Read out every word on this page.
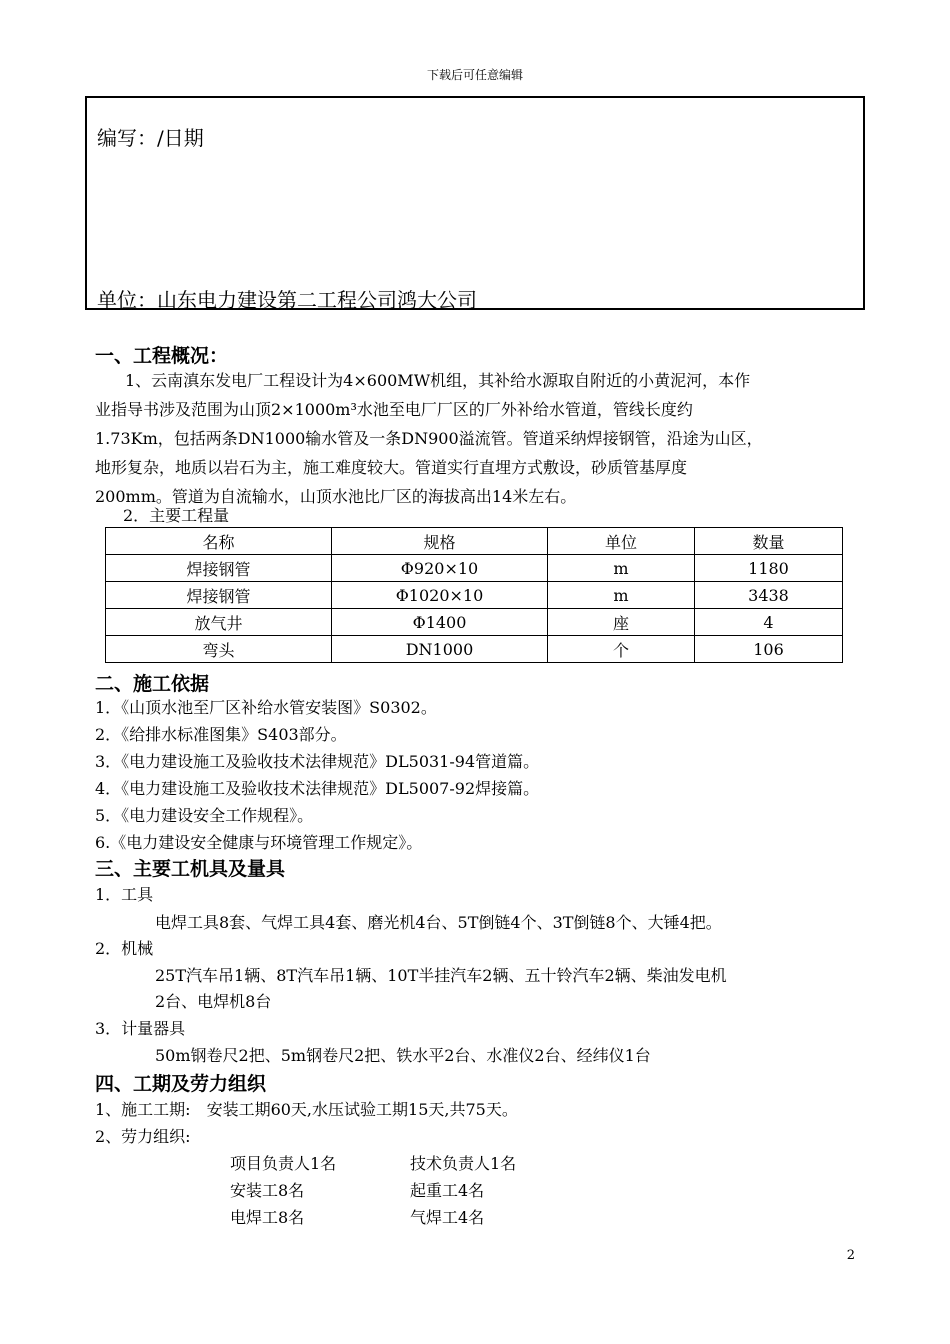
下载后可任意编辑
编写：/日期
单位：山东电力建设第二工程公司鸿大公司
一、工程概况：
1、云南滇东发电厂工程设计为4×600MW机组，其补给水源取自附近的小黄泥河，本作
业指导书涉及范围为山顶2×1000m³水池至电厂厂区的厂外补给水管道，管线长度约
1.73Km，包括两条DN1000输水管及一条DN900溢流管。管道采纳焊接钢管，沿途为山区，
地形复杂，地质以岩石为主，施工难度较大。管道实行直埋方式敷设，砂质管基厚度
200mm。管道为自流输水，山顶水池比厂区的海拔高出14米左右。
2．主要工程量
名称	规格	单位	数量
焊接钢管	Φ920×10	m	1180
焊接钢管	Φ1020×10	m	3438
放气井	Φ1400	座	4
弯头	DN1000	个	106
二、施工依据
1．《山顶水池至厂区补给水管安装图》S0302。
2．《给排水标准图集》S403部分。
3．《电力建设施工及验收技术法律规范》DL5031-94管道篇。
4．《电力建设施工及验收技术法律规范》DL5007-92焊接篇。
5．《电力建设安全工作规程》。
6.《电力建设安全健康与环境管理工作规定》。
三、主要工机具及量具
1．工具
电焊工具8套、气焊工具4套、磨光机4台、5T倒链4个、3T倒链8个、大锤4把。
2．机械
25T汽车吊1辆、8T汽车吊1辆、10T半挂汽车2辆、五十铃汽车2辆、柴油发电机
2台、电焊机8台
3．计量器具
50m钢卷尺2把、5m钢卷尺2把、铁水平2台、水准仪2台、经纬仪1台
四、工期及劳力组织
1、施工工期:　安装工期60天,水压试验工期15天,共75天。
2、劳力组织:
项目负责人1名	技术负责人1名
安装工8名	起重工4名
电焊工8名	气焊工4名
2
